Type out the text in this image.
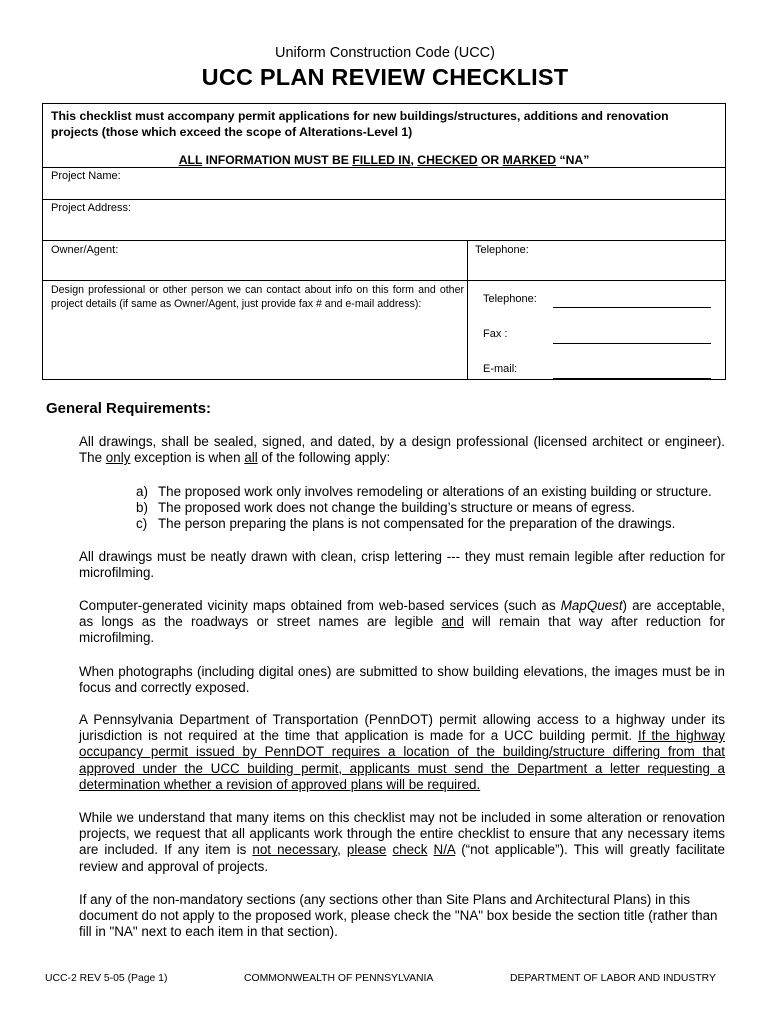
Uniform Construction Code (UCC)
UCC PLAN REVIEW CHECKLIST
This checklist must accompany permit applications for new buildings/structures, additions and renovation projects (those which exceed the scope of Alterations-Level 1)
ALL INFORMATION MUST BE FILLED IN, CHECKED OR MARKED “NA”
Project Name:
Project Address:
Owner/Agent:	Telephone:
Design professional or other person we can contact about info on this form and other project details (if same as Owner/Agent, just provide fax # and e-mail address):	Telephone:
Fax :
E-mail:
General Requirements:
All drawings, shall be sealed, signed, and dated, by a design professional (licensed architect or engineer). The only exception is when all of the following apply:
a) The proposed work only involves remodeling or alterations of an existing building or structure.
b) The proposed work does not change the building’s structure or means of egress.
c) The person preparing the plans is not compensated for the preparation of the drawings.
All drawings must be neatly drawn with clean, crisp lettering --- they must remain legible after reduction for microfilming.
Computer-generated vicinity maps obtained from web-based services (such as MapQuest) are acceptable, as longs as the roadways or street names are legible and will remain that way after reduction for microfilming.
When photographs (including digital ones) are submitted to show building elevations, the images must be in focus and correctly exposed.
A Pennsylvania Department of Transportation (PennDOT) permit allowing access to a highway under its jurisdiction is not required at the time that application is made for a UCC building permit. If the highway occupancy permit issued by PennDOT requires a location of the building/structure differing from that approved under the UCC building permit, applicants must send the Department a letter requesting a determination whether a revision of approved plans will be required.
While we understand that many items on this checklist may not be included in some alteration or renovation projects, we request that all applicants work through the entire checklist to ensure that any necessary items are included. If any item is not necessary, please check N/A (“not applicable”). This will greatly facilitate review and approval of projects.
If any of the non-mandatory sections (any sections other than Site Plans and Architectural Plans) in this document do not apply to the proposed work, please check the "NA" box beside the section title (rather than fill in "NA" next to each item in that section).
UCC-2 REV 5-05 (Page 1)	COMMONWEALTH OF PENNSYLVANIA	DEPARTMENT OF LABOR AND INDUSTRY
